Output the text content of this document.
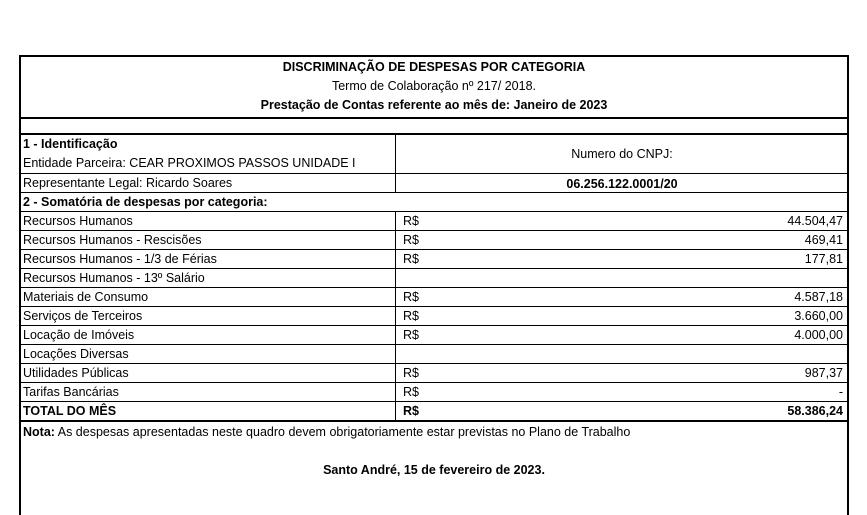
DISCRIMINAÇÃO DE DESPESAS POR CATEGORIA
Termo de Colaboração nº 217/ 2018.
Prestação de Contas referente ao mês de: Janeiro de 2023
1 - Identificação
Entidade Parceira: CEAR PROXIMOS PASSOS UNIDADE I
Numero do CNPJ:
Representante Legal: Ricardo Soares	06.256.122.0001/20
2 - Somatória de despesas por categoria:
Recursos Humanos	R$	44.504,47
Recursos Humanos - Rescisões	R$	469,41
Recursos Humanos - 1/3 de Férias	R$	177,81
Recursos Humanos - 13º Salário
Materiais de Consumo	R$	4.587,18
Serviços de Terceiros	R$	3.660,00
Locação de Imóveis	R$	4.000,00
Locações Diversas
Utilidades Públicas	R$	987,37
Tarifas Bancárias	R$	-
TOTAL DO MÊS	R$	58.386,24
Nota: As despesas apresentadas neste quadro devem obrigatoriamente estar previstas no Plano de Trabalho
Santo André, 15 de fevereiro de 2023.
